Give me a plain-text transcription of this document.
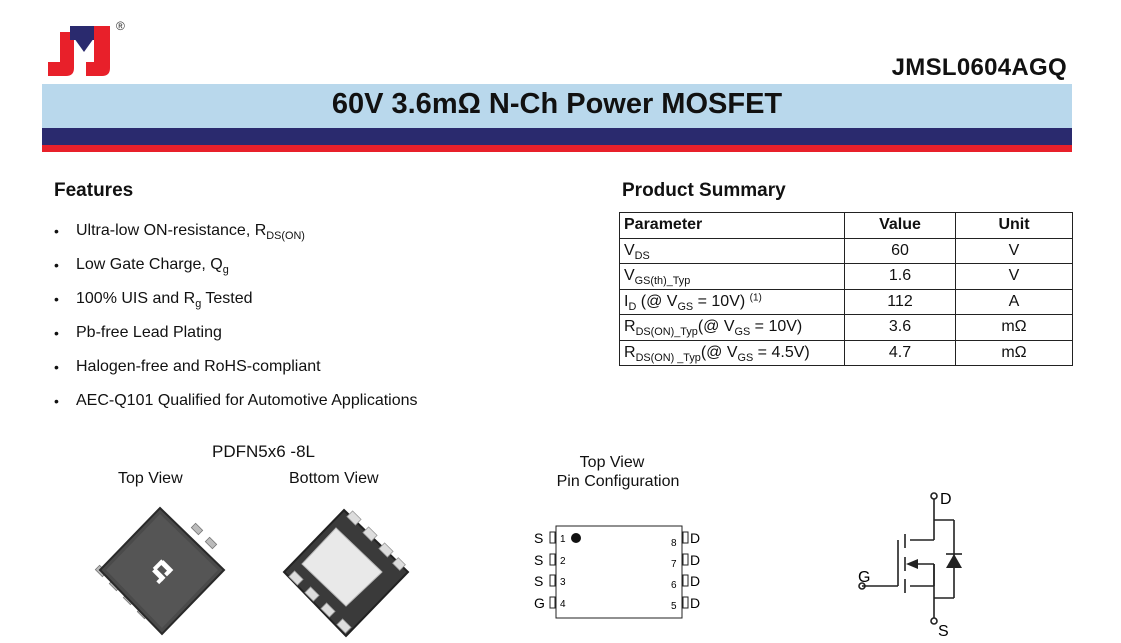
®
JMSL0604AGQ
60V 3.6mΩ N-Ch Power MOSFET
Features
• Ultra-low ON-resistance, $R_{DS(ON)}$
• Low Gate Charge, $Q_g$
• 100% UIS and $R_g$ Tested
• Pb-free Lead Plating
• Halogen-free and RoHS-compliant
• AEC-Q101 Qualified for Automotive Applications
Product Summary
Parameter	Value	Unit
$V_{DS}$	60	V
$V_{GS(th)\_Typ}$	1.6	V
$I_D$ (@ $V_{GS} = 10V$) $^{(1)}$	112	A
$R_{DS(ON)\_Typ}(@$ $V_{GS} = 10V$)	3.6	mΩ
$R_{DS(ON) \_Typ}(@$ $V_{GS} = 4.5V$)	4.7	mΩ
PDFN5x6 -8L
Top View	Bottom View
Top View
Pin Configuration
S
S
S
G
1
2
3
4
8
7
6
5
D
D
D
D
D
G
S
